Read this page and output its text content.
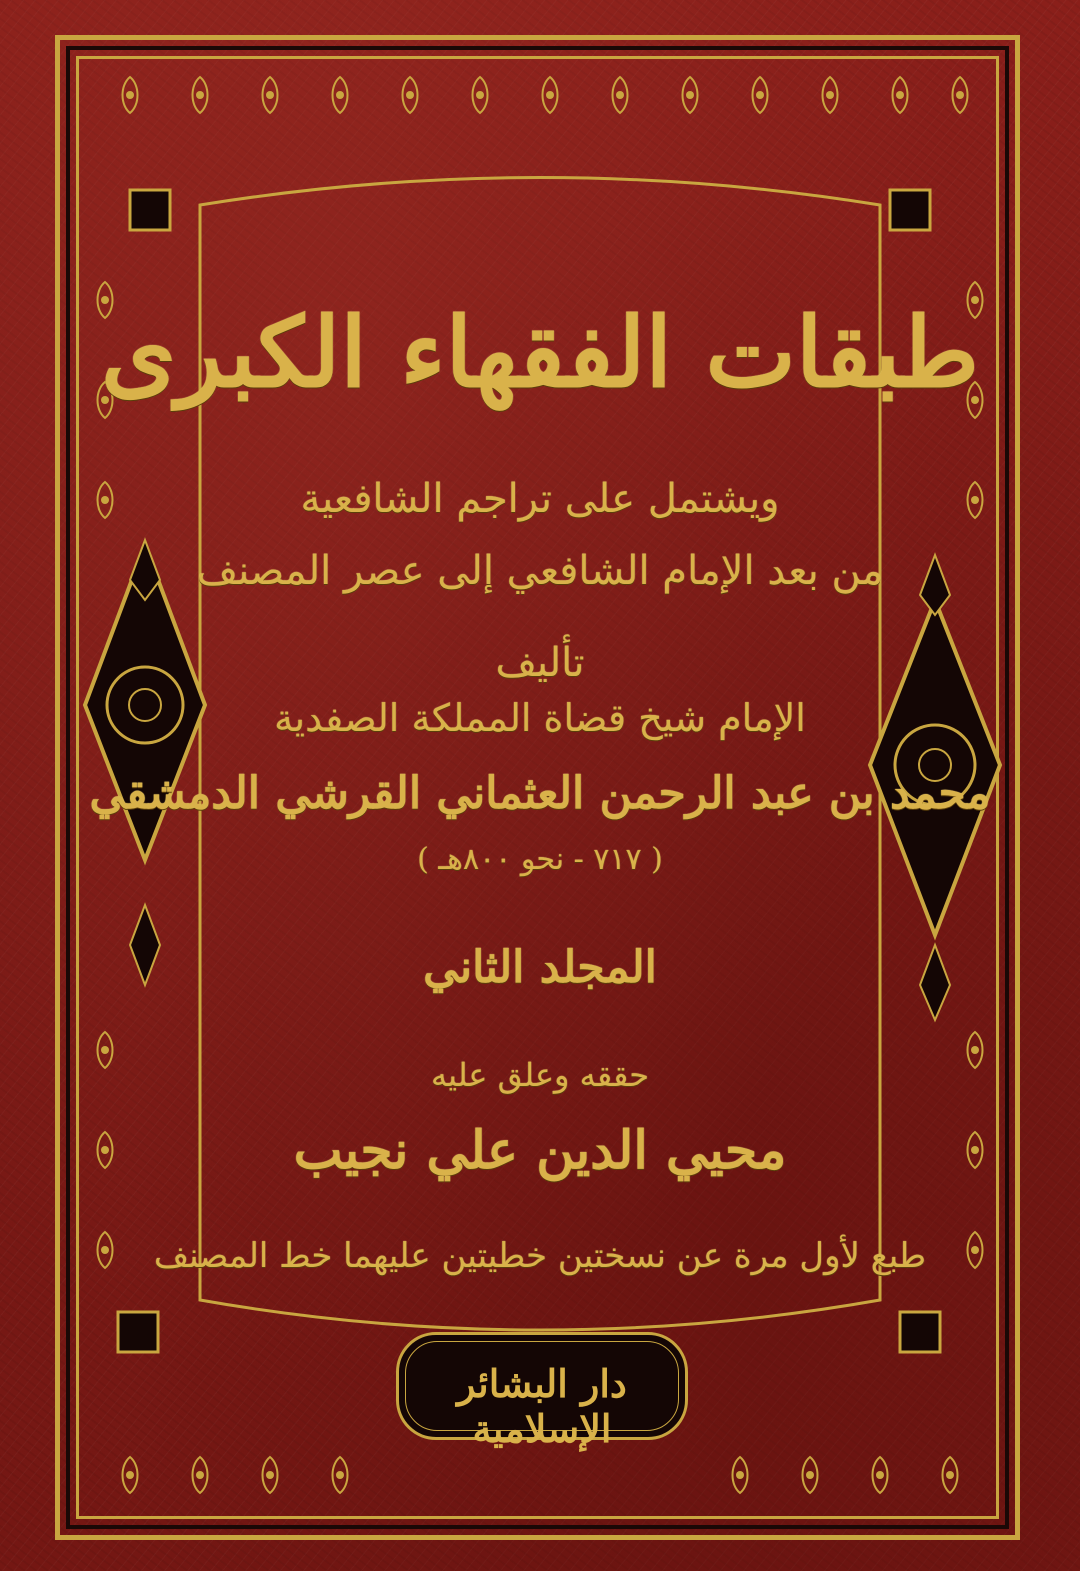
طبقات الفقهاء الكبرى
ويشتمل على تراجم الشافعية
من بعد الإمام الشافعي إلى عصر المصنف
تأليف
الإمام شيخ قضاة المملكة الصفدية
محمد بن عبد الرحمن العثماني القرشي الدمشقي
( ٧١٧ - نحو ٨٠٠هـ )
المجلد الثاني
حققه وعلق عليه
محيي الدين علي نجيب
طبع لأول مرة عن نسختين خطيتين عليهما خط المصنف
دار البشائر الإسلامية
